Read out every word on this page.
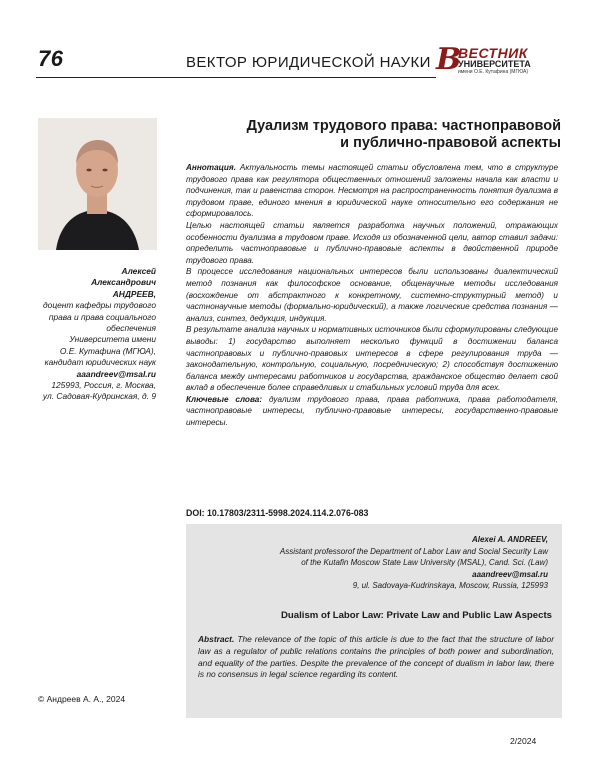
76	ВЕКТОР ЮРИДИЧЕСКОЙ НАУКИ В
ВЕСТНИК
УНИВЕРСИТЕТА
имени О.Е. Кутафина (МГЮА)
Алексей
Александрович
АНДРЕЕВ,
доцент кафедры трудового
права и права социального
обеспечения
Университета имени
О.Е. Кутафина (МГЮА),
кандидат юридических наук
aaandreev@msal.ru
125993, Россия, г. Москва,
ул. Садовая-Кудринская, д. 9
© Андреев А. А., 2024
Дуализм трудового права: частноправовой
и публично-правовой аспекты

Аннотация. Актуальность темы настоящей статьи обусловлена тем, что в структуре трудового права как регулятора общественных отношений заложены начала как власти и подчинения, так и равенства сторон. Несмотря на распространенность понятия дуализма в трудовом праве, единого мнения в юридической науке относительно его содержания не сформировалось.

Целью настоящей статьи является разработка научных положений, отражающих особенности дуализма в трудовом праве. Исходя из обозначенной цели, автор ставил задачи: определить частноправовые и публично-правовые аспекты в двойственной природе трудового права.

В процессе исследования национальных интересов были использованы диалектический метод познания как философское основание, общенаучные методы исследования (восхождение от абстрактного к конкретному, системно-структурный метод) и частнонаучные методы (формально-юридический), а также логические средства познания — анализ, синтез, дедукция, индукция.

В результате анализа научных и нормативных источников были сформулированы следующие выводы: 1) государство выполняет несколько функций в достижении баланса частноправовых и публично-правовых интересов в сфере регулирования труда — законодательную, контрольную, социальную, посредническую; 2) способствуя достижению баланса между интересами работников и государства, гражданское общество делает свой вклад в обеспечение более справедливых и стабильных условий труда для всех.

Ключевые слова: дуализм трудового права, права работника, права работодателя, частноправовые интересы, публично-правовые интересы, государственно-правовые интересы.

DOI: 10.17803/2311-5998.2024.114.2.076-083
Alexei A. ANDREEV,
Assistant professorof the Department of Labor Law and Social Security Law
of the Kutafin Moscow State Law University (MSAL), Cand. Sci. (Law)
aaandreev@msal.ru
9, ul. Sadovaya-Kudrinskaya, Moscow, Russia, 125993
Dualism of Labor Law: Private Law and Public Law Aspects

Abstract. The relevance of the topic of this article is due to the fact that the structure of labor law as a regulator of public relations contains the principles of both power and subordination, and equality of the parties. Despite the prevalence of the concept of dualism in labor law, there is no consensus in legal science regarding its content.

2/2024
